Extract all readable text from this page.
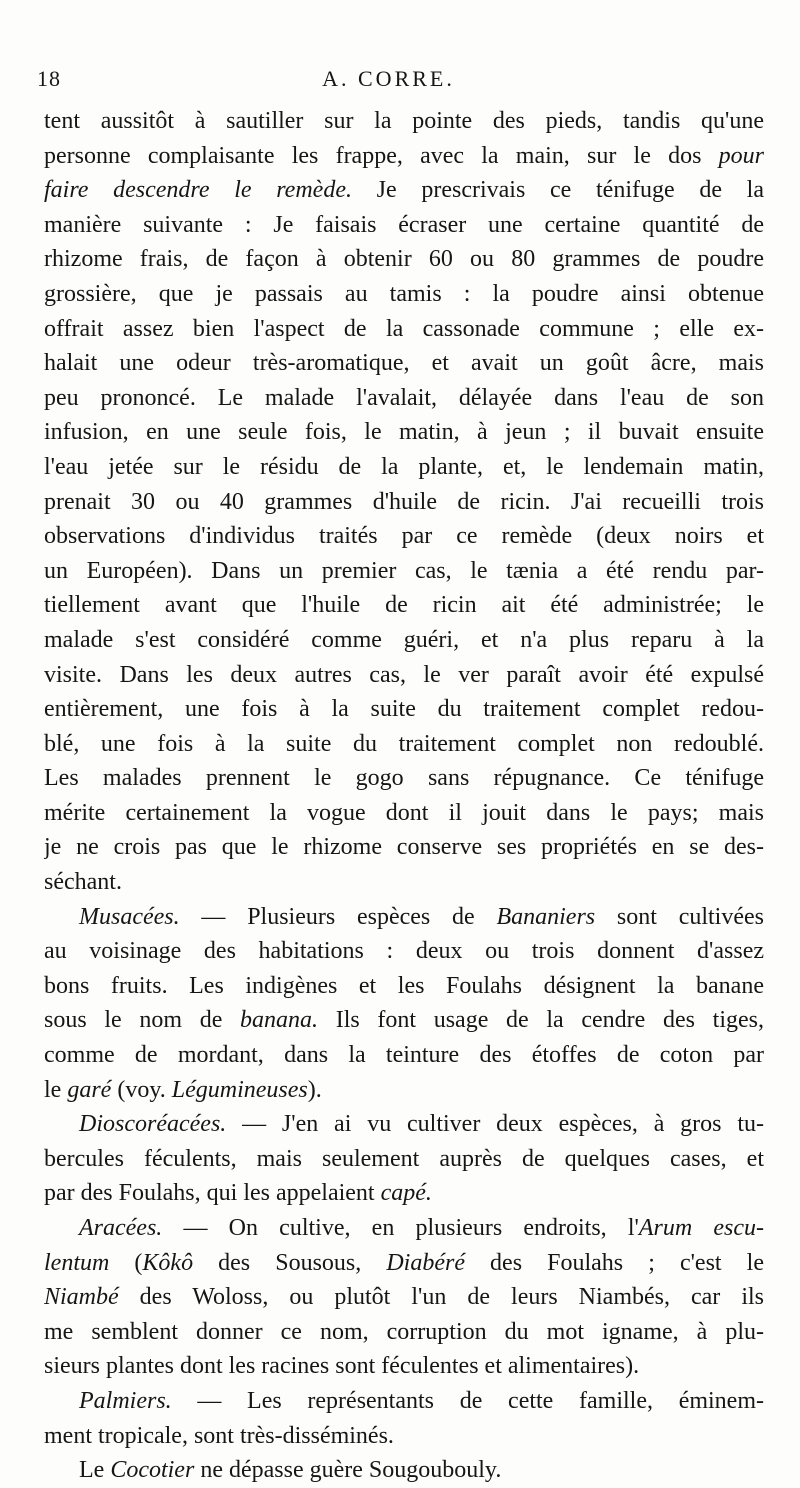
18	A. CORRE.
tent aussitôt à sautiller sur la pointe des pieds, tandis qu'une
personne complaisante les frappe, avec la main, sur le dos pour
faire descendre le remède. Je prescrivais ce ténifuge de la
manière suivante : Je faisais écraser une certaine quantité de
rhizome frais, de façon à obtenir 60 ou 80 grammes de poudre
grossière, que je passais au tamis : la poudre ainsi obtenue
offrait assez bien l'aspect de la cassonade commune ; elle ex-
halait une odeur très-aromatique, et avait un goût âcre, mais
peu prononcé. Le malade l'avalait, délayée dans l'eau de son
infusion, en une seule fois, le matin, à jeun ; il buvait ensuite
l'eau jetée sur le résidu de la plante, et, le lendemain matin,
prenait 30 ou 40 grammes d'huile de ricin. J'ai recueilli trois
observations d'individus traités par ce remède (deux noirs et
un Européen). Dans un premier cas, le tænia a été rendu par-
tiellement avant que l'huile de ricin ait été administrée; le
malade s'est considéré comme guéri, et n'a plus reparu à la
visite. Dans les deux autres cas, le ver paraît avoir été expulsé
entièrement, une fois à la suite du traitement complet redou-
blé, une fois à la suite du traitement complet non redoublé.
Les malades prennent le gogo sans répugnance. Ce ténifuge
mérite certainement la vogue dont il jouit dans le pays; mais
je ne crois pas que le rhizome conserve ses propriétés en se des-
séchant.
Musacées. — Plusieurs espèces de Bananiers sont cultivées
au voisinage des habitations : deux ou trois donnent d'assez
bons fruits. Les indigènes et les Foulahs désignent la banane
sous le nom de banana. Ils font usage de la cendre des tiges,
comme de mordant, dans la teinture des étoffes de coton par
le garé (voy. Légumineuses).
Dioscoréacées. — J'en ai vu cultiver deux espèces, à gros tu-
bercules féculents, mais seulement auprès de quelques cases, et
par des Foulahs, qui les appelaient capé.
Aracées. — On cultive, en plusieurs endroits, l'Arum escu-
lentum (Kôkô des Sousous, Diabéré des Foulahs ; c'est le
Niambé des Woloss, ou plutôt l'un de leurs Niambés, car ils
me semblent donner ce nom, corruption du mot igname, à plu-
sieurs plantes dont les racines sont féculentes et alimentaires).
Palmiers. — Les représentants de cette famille, éminem-
ment tropicale, sont très-disséminés.
Le Cocotier ne dépasse guère Sougoubouly.
